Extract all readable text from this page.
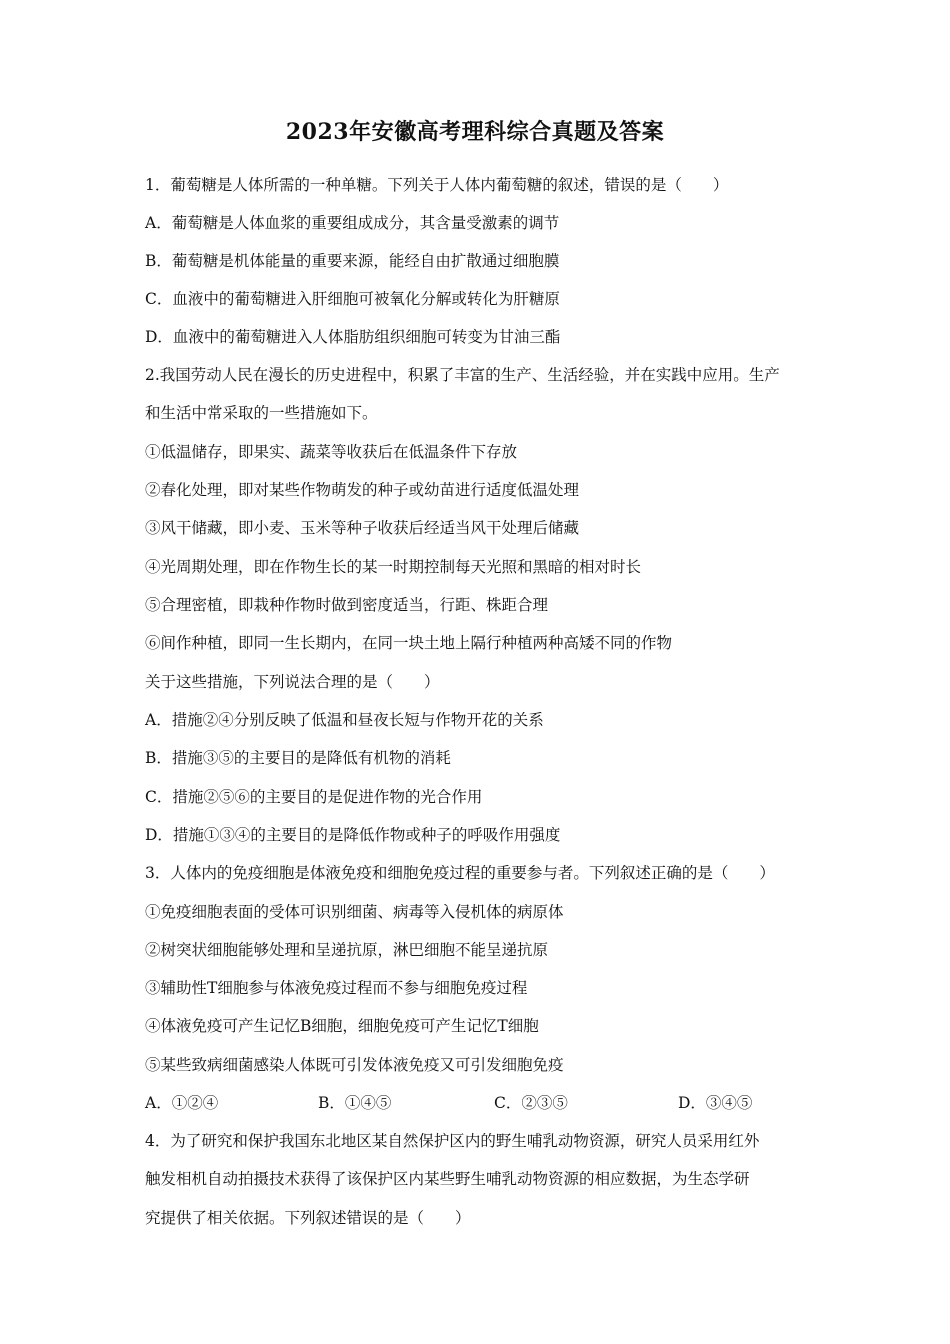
2023年安徽高考理科综合真题及答案
1．葡萄糖是人体所需的一种单糖。下列关于人体内葡萄糖的叙述，错误的是（　　）
A．葡萄糖是人体血浆的重要组成成分，其含量受激素的调节
B．葡萄糖是机体能量的重要来源，能经自由扩散通过细胞膜
C．血液中的葡萄糖进入肝细胞可被氧化分解或转化为肝糖原
D．血液中的葡萄糖进入人体脂肪组织细胞可转变为甘油三酯
2.我国劳动人民在漫长的历史进程中，积累了丰富的生产、生活经验，并在实践中应用。生产
和生活中常采取的一些措施如下。
①低温储存，即果实、蔬菜等收获后在低温条件下存放
②春化处理，即对某些作物萌发的种子或幼苗进行适度低温处理
③风干储藏，即小麦、玉米等种子收获后经适当风干处理后储藏
④光周期处理，即在作物生长的某一时期控制每天光照和黑暗的相对时长
⑤合理密植，即栽种作物时做到密度适当，行距、株距合理
⑥间作种植，即同一生长期内，在同一块土地上隔行种植两种高矮不同的作物
关于这些措施，下列说法合理的是（　　）
A．措施②④分别反映了低温和昼夜长短与作物开花的关系
B．措施③⑤的主要目的是降低有机物的消耗
C．措施②⑤⑥的主要目的是促进作物的光合作用
D．措施①③④的主要目的是降低作物或种子的呼吸作用强度
3．人体内的免疫细胞是体液免疫和细胞免疫过程的重要参与者。下列叙述正确的是（　　）
①免疫细胞表面的受体可识别细菌、病毒等入侵机体的病原体
②树突状细胞能够处理和呈递抗原，淋巴细胞不能呈递抗原
③辅助性T细胞参与体液免疫过程而不参与细胞免疫过程
④体液免疫可产生记忆B细胞，细胞免疫可产生记忆T细胞
⑤某些致病细菌感染人体既可引发体液免疫又可引发细胞免疫
A．①②④	B．①④⑤	C．②③⑤	D．③④⑤
4．为了研究和保护我国东北地区某自然保护区内的野生哺乳动物资源，研究人员采用红外
触发相机自动拍摄技术获得了该保护区内某些野生哺乳动物资源的相应数据，为生态学研
究提供了相关依据。下列叙述错误的是（　　）
